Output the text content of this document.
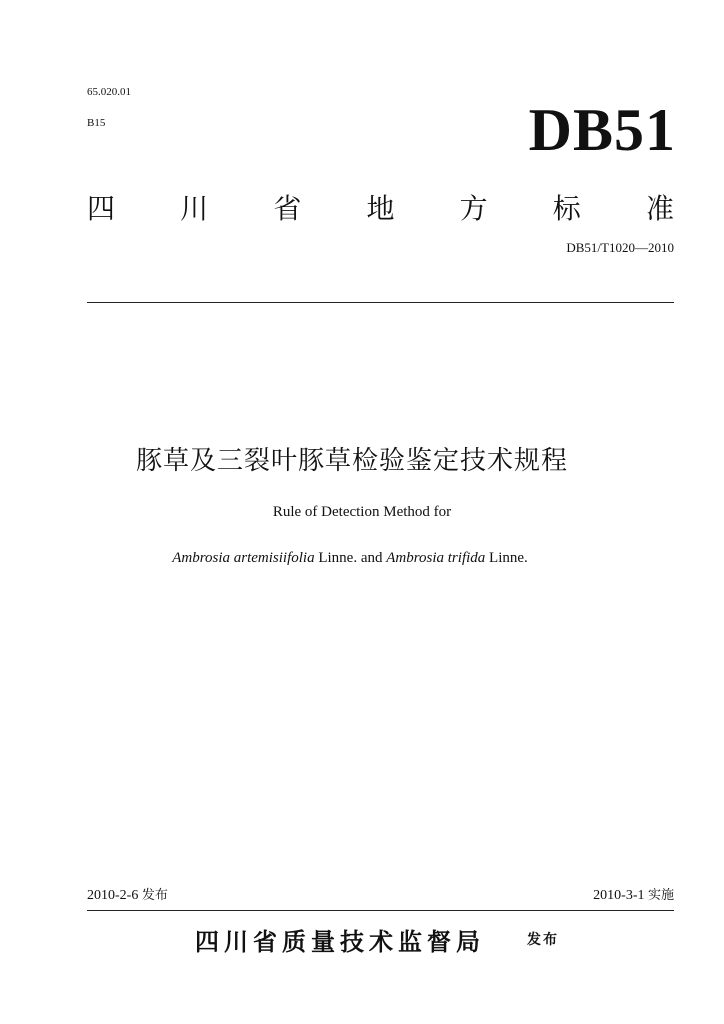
65.020.01
B15	DB51
四 川 省 地 方 标 准
DB51/T1020—2010
豚草及三裂叶豚草检验鉴定技术规程
Rule of Detection Method for
Ambrosia artemisiifolia Linne. and Ambrosia trifida Linne.
2010-2-6 发布	2010-3-1 实施
四川省质量技术监督局	发布
